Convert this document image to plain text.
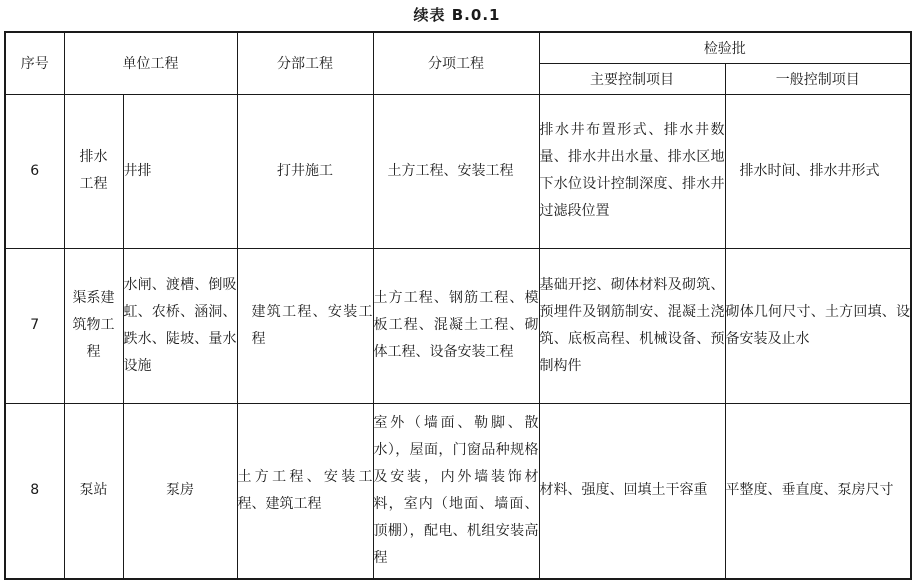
续表 B.0.1
序号	单位工程		分部工程	分项工程	检验批	
					主要控制项目	一般控制项目

6	排水工程	井排	打井施工	土方工程、安装工程	排水井布置形式、排水井数量、排水井出水量、排水区地下水位设计控制深度、排水井过滤段位置	排水时间、排水井形式

7	渠系建筑物工程	水闸、渡槽、倒吸虹、农桥、涵洞、跌水、陡坡、量水设施	建筑工程、安装工程	土方工程、钢筋工程、模板工程、混凝土工程、砌体工程、设备安装工程	基础开挖、砌体材料及砌筑、预埋件及钢筋制安、混凝土浇筑、底板高程、机械设备、预制构件	砌体几何尺寸、土方回填、设备安装及止水

8	泵站	泵房	土方工程、安装工程、建筑工程	室外（墙面、勒脚、散水），屋面，门窗品种规格及安装，内外墙装饰材料，室内（地面、墙面、顶棚），配电、机组安装高程	材料、强度、回填土干容重	平整度、垂直度、泵房尺寸
